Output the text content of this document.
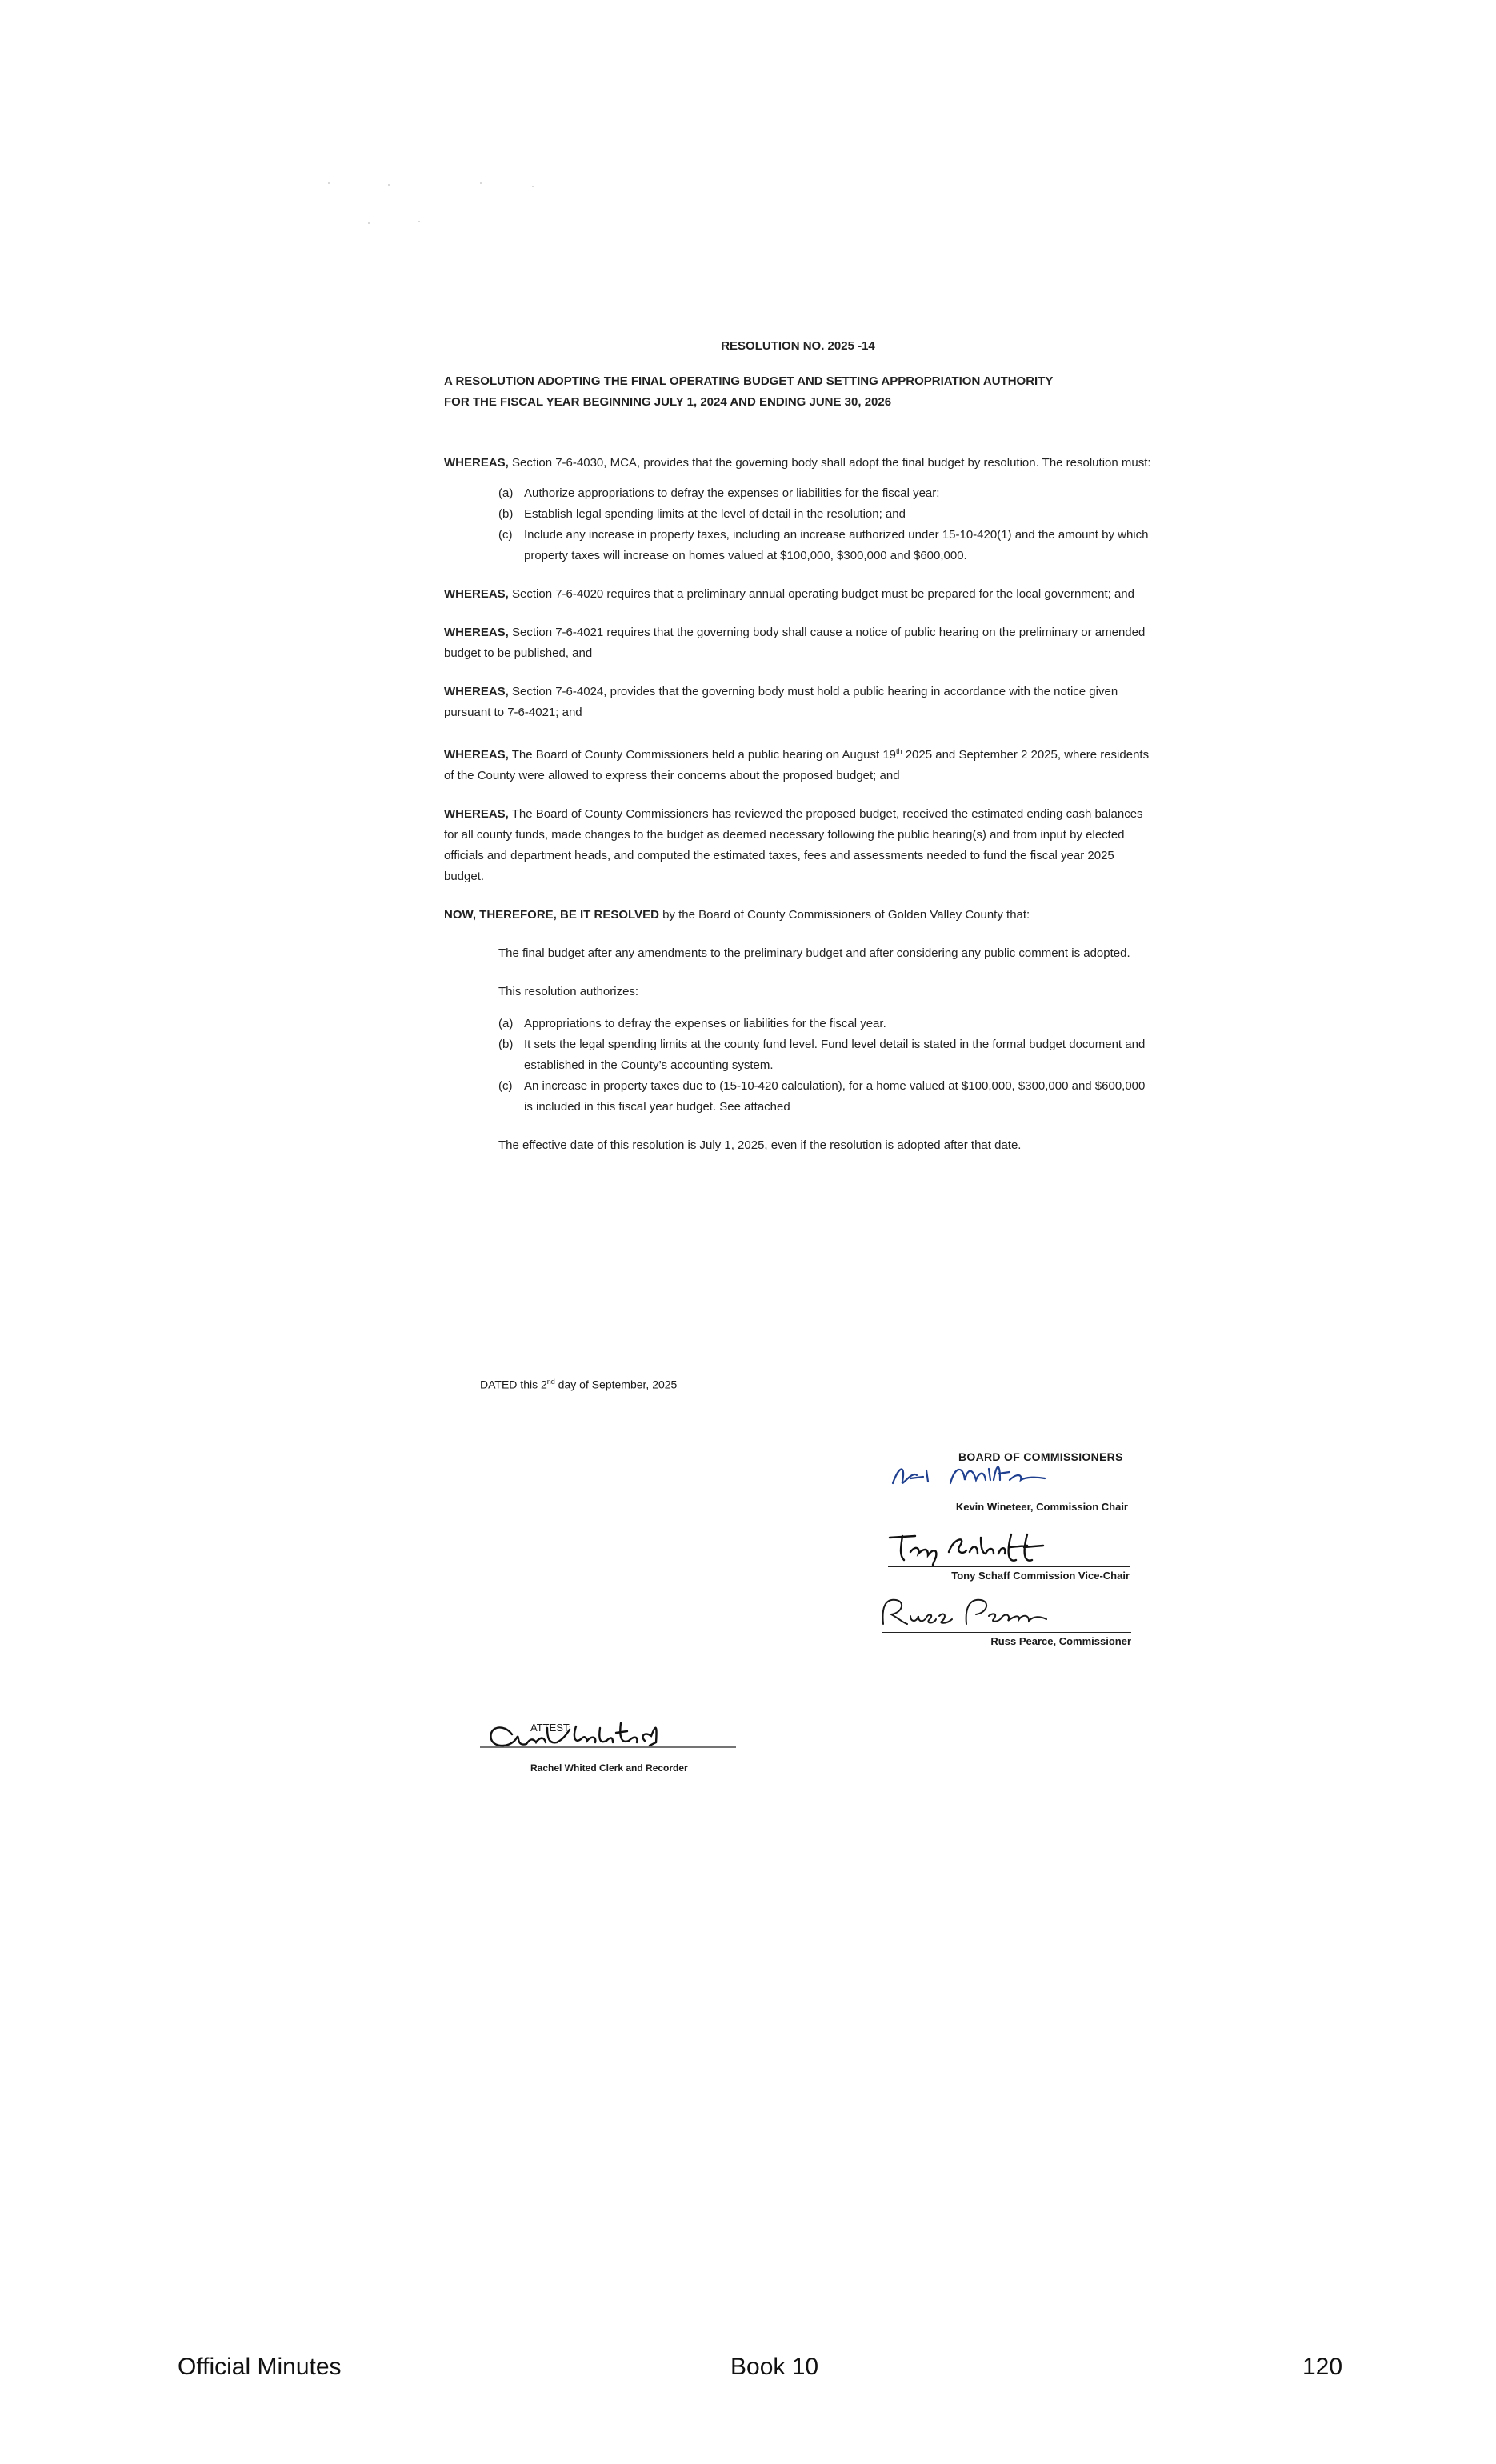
RESOLUTION NO. 2025 -14
A RESOLUTION ADOPTING THE FINAL OPERATING BUDGET AND SETTING APPROPRIATION AUTHORITY
FOR THE FISCAL YEAR BEGINNING JULY 1, 2024 AND ENDING JUNE 30, 2026

WHEREAS, Section 7-6-4030, MCA, provides that the governing body shall adopt the final budget by resolution. The resolution must:

(a) Authorize appropriations to defray the expenses or liabilities for the fiscal year;
(b) Establish legal spending limits at the level of detail in the resolution; and
(c) Include any increase in property taxes, including an increase authorized under 15-10-420(1) and the amount by which property taxes will increase on homes valued at $100,000, $300,000 and $600,000.

WHEREAS, Section 7-6-4020 requires that a preliminary annual operating budget must be prepared for the local government; and

WHEREAS, Section 7-6-4021 requires that the governing body shall cause a notice of public hearing on the preliminary or amended budget to be published, and

WHEREAS, Section 7-6-4024, provides that the governing body must hold a public hearing in accordance with the notice given pursuant to 7-6-4021; and

WHEREAS, The Board of County Commissioners held a public hearing on August 19th 2025 and September 2 2025, where residents of the County were allowed to express their concerns about the proposed budget; and

WHEREAS, The Board of County Commissioners has reviewed the proposed budget, received the estimated ending cash balances for all county funds, made changes to the budget as deemed necessary following the public hearing(s) and from input by elected officials and department heads, and computed the estimated taxes, fees and assessments needed to fund the fiscal year 2025 budget.

NOW, THEREFORE, BE IT RESOLVED by the Board of County Commissioners of Golden Valley County that:

The final budget after any amendments to the preliminary budget and after considering any public comment is adopted.

This resolution authorizes:

(a) Appropriations to defray the expenses or liabilities for the fiscal year.
(b) It sets the legal spending limits at the county fund level. Fund level detail is stated in the formal budget document and established in the County’s accounting system.
(c) An increase in property taxes due to (15-10-420 calculation), for a home valued at $100,000, $300,000 and $600,000 is included in this fiscal year budget. See attached

The effective date of this resolution is July 1, 2025, even if the resolution is adopted after that date.

DATED this 2nd day of September, 2025
BOARD OF COMMISSIONERS
Kevin Wineteer, Commission Chair
Tony Schaff Commission Vice-Chair
Russ Pearce, Commissioner
ATTEST:
Rachel Whited Clerk and Recorder
Official Minutes	Book 10	120
